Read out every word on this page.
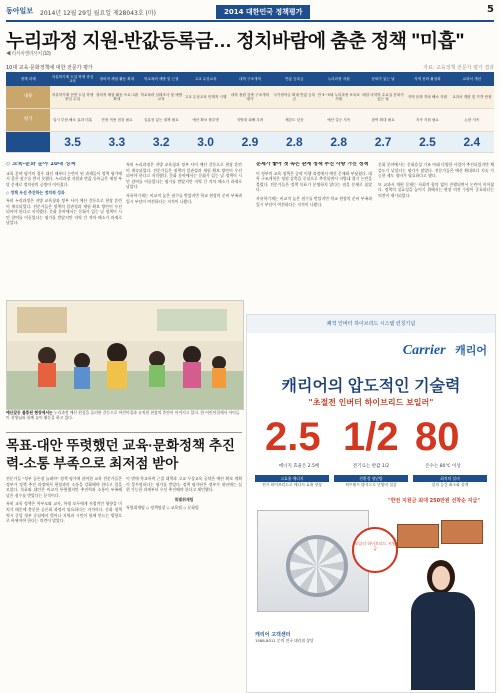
동아일보 2014년 12월 29일 월요일 제28043호 (마)	2014 대한민국 정책평가	5
누리과정 지원-반값등록금… 정치바람에 춤춘 정책 "미흡"
◀ 리서치앤리서치 (1/3)
10대 교육·문화정책에 대한 전문가 평가	자료: 교육정책 전문가 평가 결과
정책 과제	자유학기제 도입 학생 중심 교육	창의적 체험 활동 확대	학교폭력 예방 및 근절	고교 무상교육	대학 구조개혁	반값 등록금	누리과정 지원	문화가 있는 날	지역 문화 활성화	교과서 개선
내용	자유학기제 전면 도입 학생 중심 수업	창의적 체험 활동 프로그램 확대	학교폭력 실태조사 및 예방 교육	고교 무상교육 단계적 시행	대학 정원 감축 구조개혁 평가	국가장학금 확대 반값 등록금	만 3~5세 누리과정 보육료 지원	매달 마지막 수요일 문화가 있는 날	지역 문화 격차 해소 지원	교과서 개편 및 가격 안정
평가	입시 부담 해소 효과 미흡	현장 적용 점검 필요	실효성 있는 대책 필요	예산 확보 불투명	지방대 피해 우려	체감도 낮음	예산 갈등 지속	참여 확대 필요	지속 지원 필요	논란 지속
점수	3.5	3.3	3.2	3.0	2.9	2.8	2.8	2.7	2.5	2.4
◇ 교육-문화 분야 10대 정책

교육 분야 평가의 경우 대선 때부터 논란이 된 과제들이 정책 평가에서 좋은 점수를 받지 못했다. 누리과정 지원과 반값 등록금은 재정 부담 문제로 정치권의 공방이 이어졌다.

◇ 정책 우선 추진하는 정치적 성과

특히 누리과정은 지방 교육청과 정부 사이 예산 갈등으로 현장 혼란이 계속되었다. 전문가들은 정책의 일관성과 재원 확보 방안이 우선되어야 한다고 지적했다. 문화 분야에서는 문화가 있는 날 정책이 시민 참여를 이끌었다는 평가를 받았지만 지역 간 격차 해소가 과제로 남았다.

특히 누리과정은 지방 교육청과 정부 사이 예산 갈등으로 현장 혼란이 계속되었다. 전문가들은 정책의 일관성과 재원 확보 방안이 우선되어야 한다고 지적했다. 문화 분야에서는 문화가 있는 날 정책이 시민 참여를 이끌었다는 평가를 받았지만 지역 간 격차 해소가 과제로 남았다.

자유학기제는 비교적 높은 점수를 받았지만 학교 현장의 준비 부족과 입시 부담이 여전하다는 지적이 나왔다.

문제가 좋아 첫 속은 관계 정책 추진 사항 가진 정책

이 정부의 교육 정책은 공약 이행 과정에서 예산 문제와 부딪혔다. 대학 구조개혁은 정원 감축을 중심으로 추진되면서 지방대 위기 논란을 불렀다. 전문가들은 정책 목표가 분명하지 않다는 점을 문제로 꼽았다.

자유학기제는 비교적 높은 점수를 받았지만 학교 현장의 준비 부족과 입시 부담이 여전하다는 지적이 나왔다.

문화 분야에서는 문화융성 기조 아래 다양한 사업이 추진되었지만 체감도가 낮았다는 평가가 많았다. 전문가들은 예산 확대보다 지속 가능한 제도 정비가 필요하다고 했다.

또 교과서 개편 문제는 사회적 합의 없이 진행되면서 논란이 이어졌다. 정책의 실효성을 높이기 위해서는 현장 의견 수렴이 중요하다는 의견이 제시되었다.

예산갈등 불똥된 현장에서는 누리과정 예산 편성을 둘러싼 갈등으로 어린이집과 유치원 현장의 혼란이 이어지고 있다. 한 어린이집에서 아이들이 선생님과 함께 놀이 활동을 하고 있다.
목표-대안 뚜렷했던 교육·문화정책 추진력-소통 부족으로 최저점 받아

전문가들 "정부 공론장 늘려야" 정책 평가에 참여한 교육 전문가들은 정부가 정책 추진 과정에서 현장과의 소통을 강화해야 한다고 입을 모았다. 목표와 대안은 비교적 뚜렷했지만 추진력과 소통이 부족해 낮은 점수를 받았다는 분석이다.

특히 교육 정책은 학부모와 교사, 학생 모두에게 직접적인 영향을 미치기 때문에 충분한 공론화 과정이 필요하다는 지적이다. 문화 정책 역시 중앙 정부 중심에서 벗어나 지역과 시민이 함께 만드는 방향으로 바뀌어야 한다는 의견이 많았다.

이 밖에 학교폭력 근절 대책과 고교 무상교육 공약은 예산 확보 계획이 불투명하다는 평가를 받았다. 정책 평가단은 정부가 내년에는 실현 가능한 과제부터 우선 추진해야 한다고 제언했다.

특별취재팀

특별취재팀 ◇ 정책팀장 ◇ 교육팀 ◇ 문화팀

쾌적 인버터 하이브리드 시스템 런칭기념
Carrier 캐리어
캐리어의 압도적인 기술력
"초절전 인버터 하이브리드 보일러"
2.5 1/2 80
에너지 효율은 2.5배	전기료는 반값 1/2	온수는 80℃ 이상
고효율 에너지
전기 하이브리드로 에너지 효율 향상
친환경 냉난방
히트펌프 방식으로 난방비 절감
최적의 설비
설치 공간 최소화 설계
"한전 지원금 최대 250만원 선착순 지급"
보일러 하이브리드 지원금
캐리어 고객센터
1588-8011 문의 전국 대리점 상담
